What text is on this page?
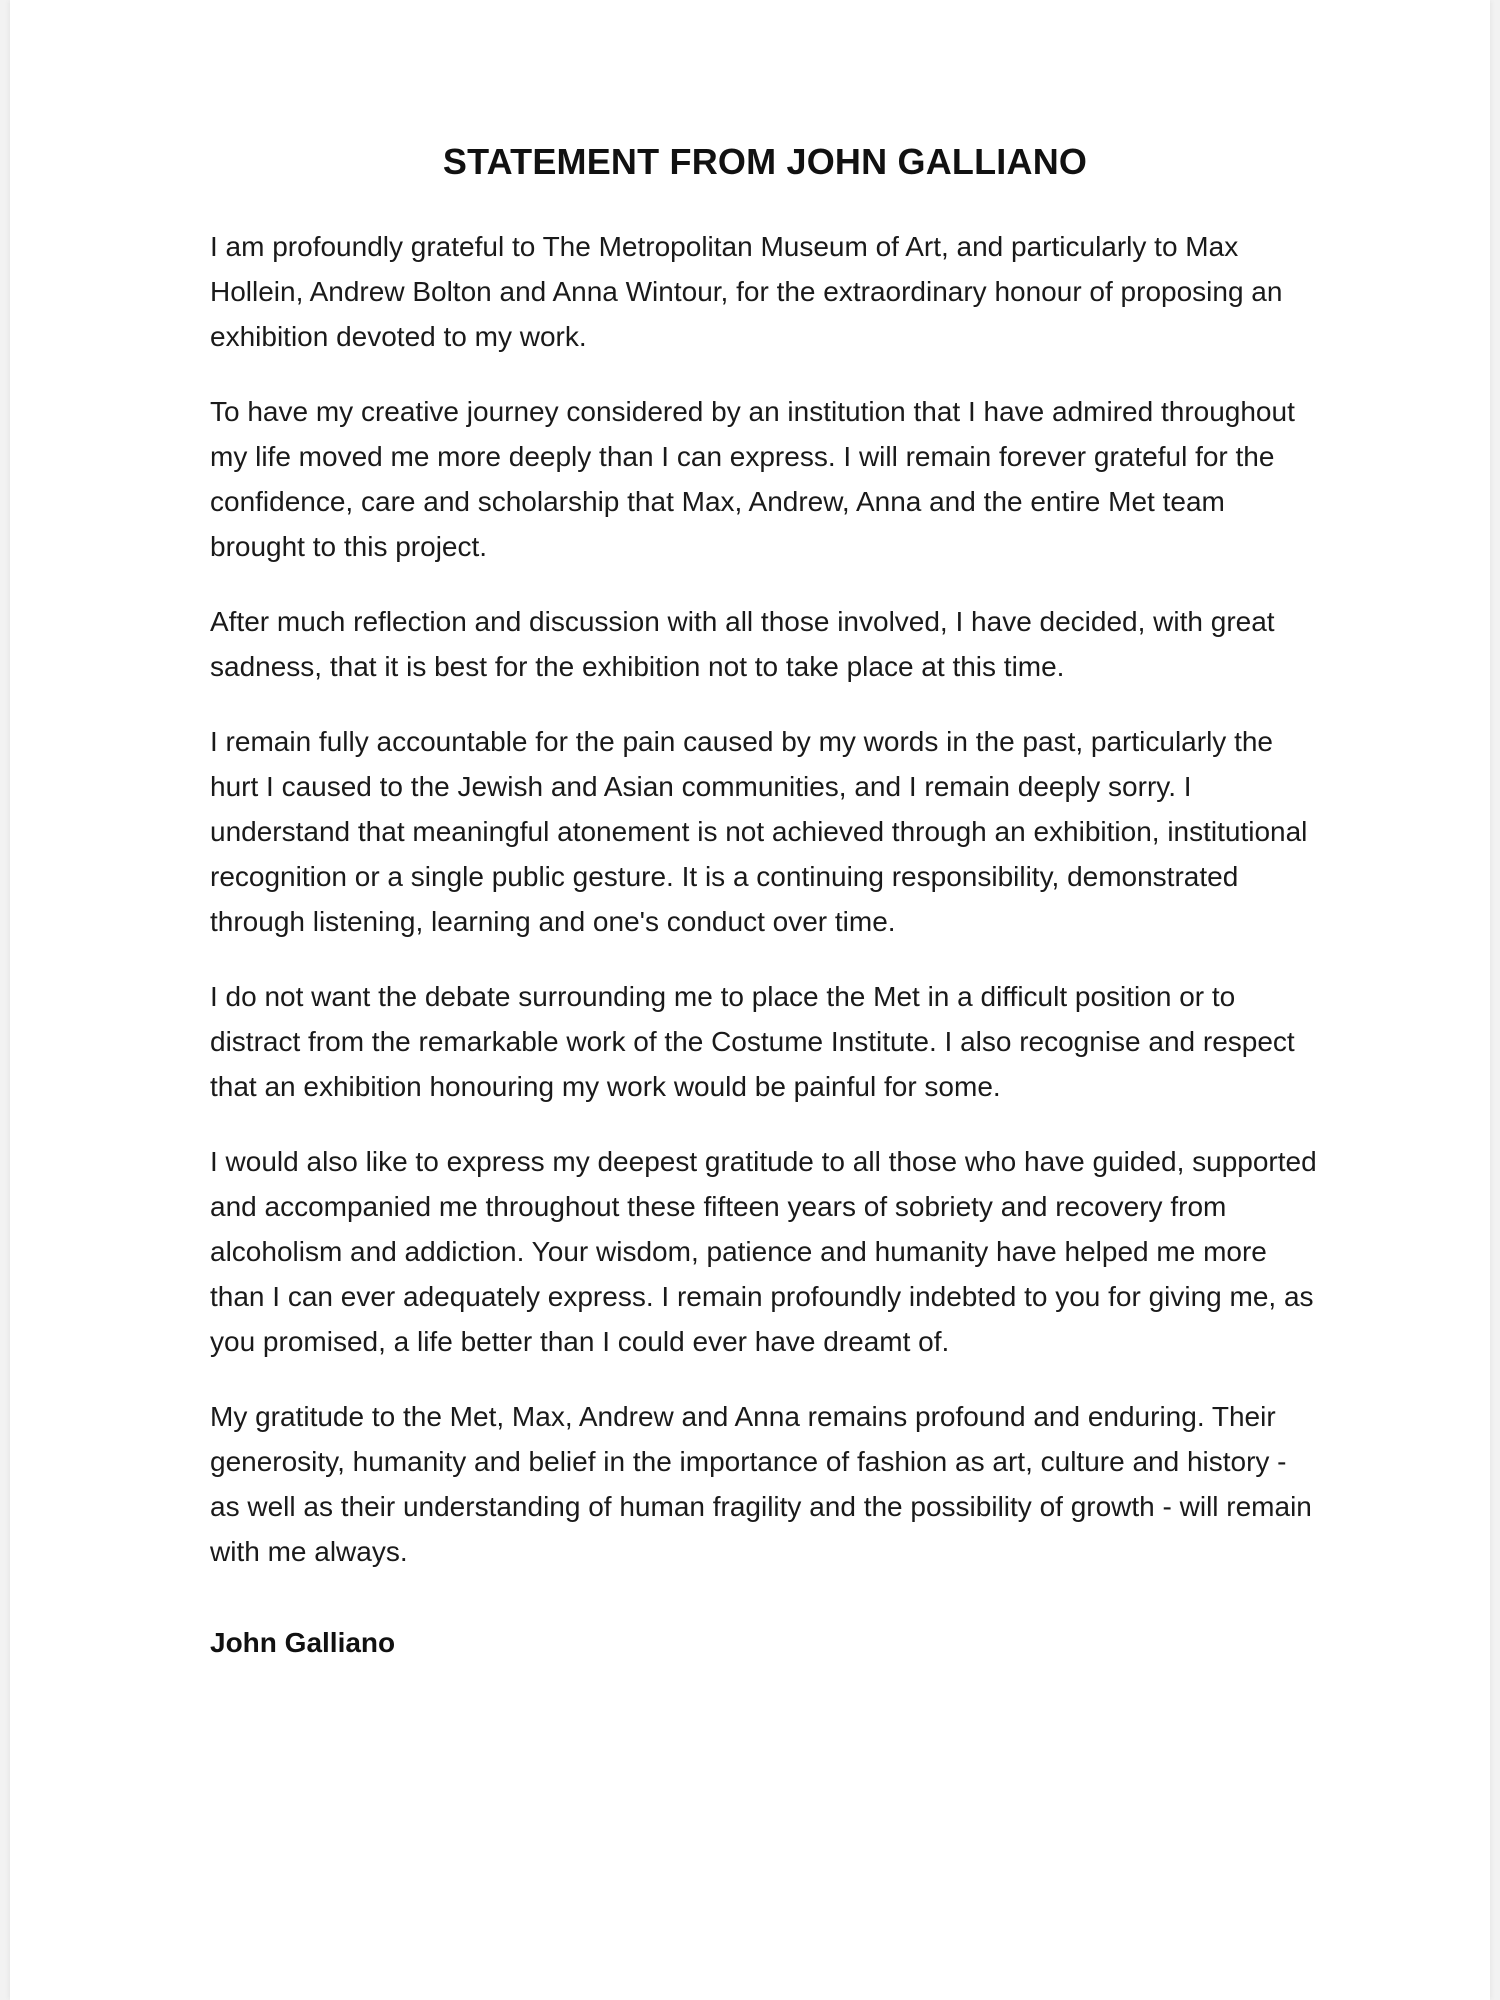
STATEMENT FROM JOHN GALLIANO

I am profoundly grateful to The Metropolitan Museum of Art, and particularly to Max Hollein, Andrew Bolton and Anna Wintour, for the extraordinary honour of proposing an exhibition devoted to my work.

To have my creative journey considered by an institution that I have admired throughout my life moved me more deeply than I can express. I will remain forever grateful for the confidence, care and scholarship that Max, Andrew, Anna and the entire Met team brought to this project.

After much reflection and discussion with all those involved, I have decided, with great sadness, that it is best for the exhibition not to take place at this time.

I remain fully accountable for the pain caused by my words in the past, particularly the hurt I caused to the Jewish and Asian communities, and I remain deeply sorry. I understand that meaningful atonement is not achieved through an exhibition, institutional recognition or a single public gesture. It is a continuing responsibility, demonstrated through listening, learning and one's conduct over time.

I do not want the debate surrounding me to place the Met in a difficult position or to distract from the remarkable work of the Costume Institute. I also recognise and respect that an exhibition honouring my work would be painful for some.

I would also like to express my deepest gratitude to all those who have guided, supported and accompanied me throughout these fifteen years of sobriety and recovery from alcoholism and addiction. Your wisdom, patience and humanity have helped me more than I can ever adequately express. I remain profoundly indebted to you for giving me, as you promised, a life better than I could ever have dreamt of.

My gratitude to the Met, Max, Andrew and Anna remains profound and enduring. Their generosity, humanity and belief in the importance of fashion as art, culture and history - as well as their understanding of human fragility and the possibility of growth - will remain with me always.

John Galliano
